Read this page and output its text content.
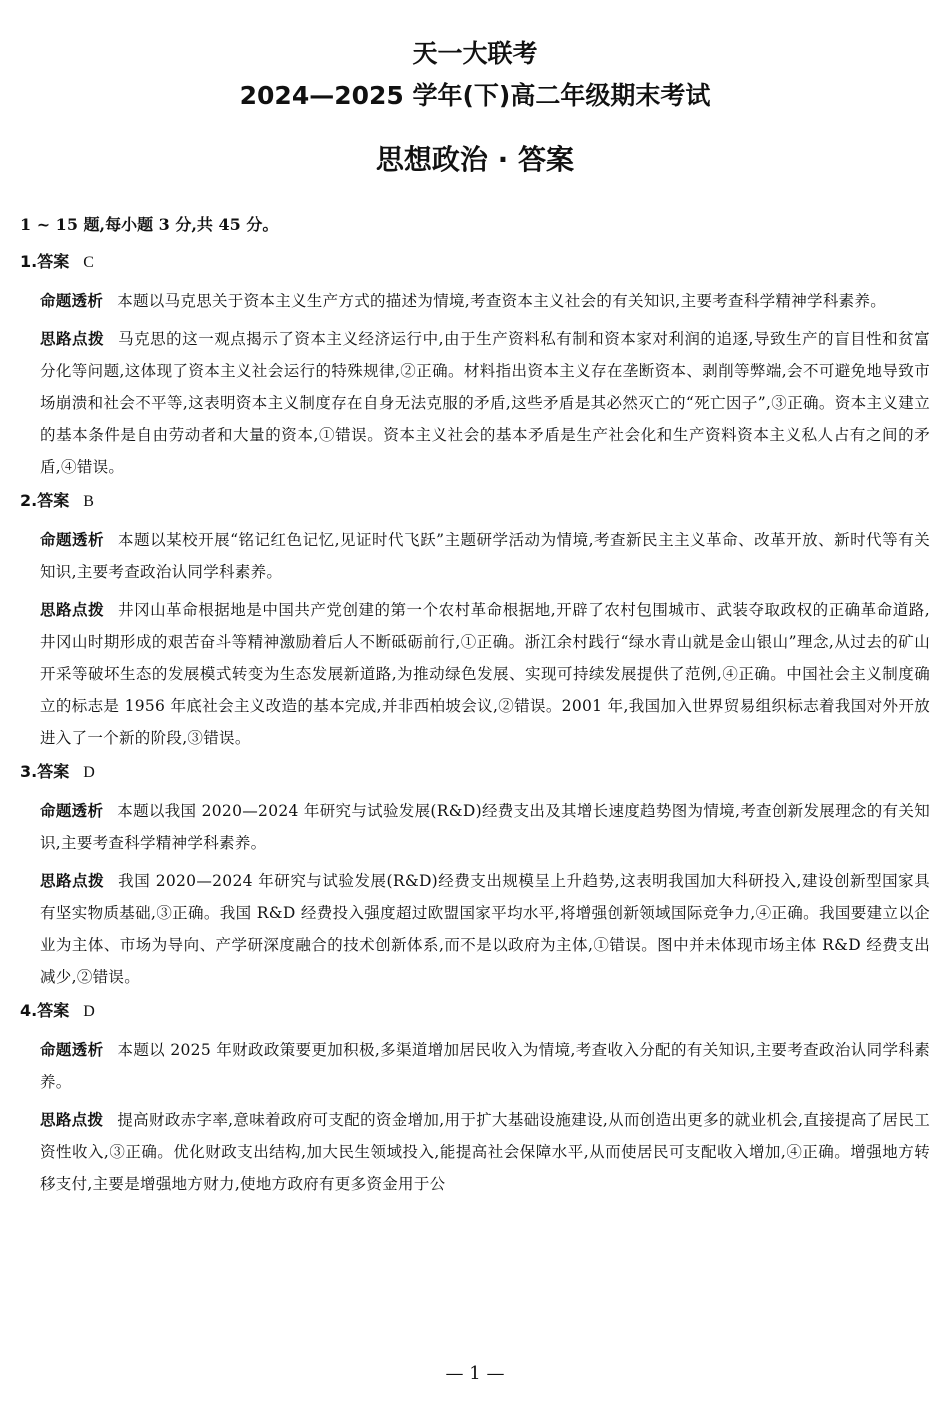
天一大联考
2024—2025 学年(下)高二年级期末考试
思想政治 · 答案
1 ~ 15 题,每小题 3 分,共 45 分。
1.答案 C

命题透析 本题以马克思关于资本主义生产方式的描述为情境,考查资本主义社会的有关知识,主要考查科学精神学科素养。

思路点拨 马克思的这一观点揭示了资本主义经济运行中,由于生产资料私有制和资本家对利润的追逐,导致生产的盲目性和贫富分化等问题,这体现了资本主义社会运行的特殊规律,②正确。材料指出资本主义存在垄断资本、剥削等弊端,会不可避免地导致市场崩溃和社会不平等,这表明资本主义制度存在自身无法克服的矛盾,这些矛盾是其必然灭亡的“死亡因子”,③正确。资本主义建立的基本条件是自由劳动者和大量的资本,①错误。资本主义社会的基本矛盾是生产社会化和生产资料资本主义私人占有之间的矛盾,④错误。

2.答案 B

命题透析 本题以某校开展“铭记红色记忆,见证时代飞跃”主题研学活动为情境,考查新民主主义革命、改革开放、新时代等有关知识,主要考查政治认同学科素养。

思路点拨 井冈山革命根据地是中国共产党创建的第一个农村革命根据地,开辟了农村包围城市、武装夺取政权的正确革命道路,井冈山时期形成的艰苦奋斗等精神激励着后人不断砥砺前行,①正确。浙江余村践行“绿水青山就是金山银山”理念,从过去的矿山开采等破坏生态的发展模式转变为生态发展新道路,为推动绿色发展、实现可持续发展提供了范例,④正确。中国社会主义制度确立的标志是 1956 年底社会主义改造的基本完成,并非西柏坡会议,②错误。2001 年,我国加入世界贸易组织标志着我国对外开放进入了一个新的阶段,③错误。

3.答案 D

命题透析 本题以我国 2020—2024 年研究与试验发展(R&D)经费支出及其增长速度趋势图为情境,考查创新发展理念的有关知识,主要考查科学精神学科素养。

思路点拨 我国 2020—2024 年研究与试验发展(R&D)经费支出规模呈上升趋势,这表明我国加大科研投入,建设创新型国家具有坚实物质基础,③正确。我国 R&D 经费投入强度超过欧盟国家平均水平,将增强创新领域国际竞争力,④正确。我国要建立以企业为主体、市场为导向、产学研深度融合的技术创新体系,而不是以政府为主体,①错误。图中并未体现市场主体 R&D 经费支出减少,②错误。

4.答案 D

命题透析 本题以 2025 年财政政策要更加积极,多渠道增加居民收入为情境,考查收入分配的有关知识,主要考查政治认同学科素养。

思路点拨 提高财政赤字率,意味着政府可支配的资金增加,用于扩大基础设施建设,从而创造出更多的就业机会,直接提高了居民工资性收入,③正确。优化财政支出结构,加大民生领域投入,能提高社会保障水平,从而使居民可支配收入增加,④正确。增强地方转移支付,主要是增强地方财力,使地方政府有更多资金用于公

— 1 —
